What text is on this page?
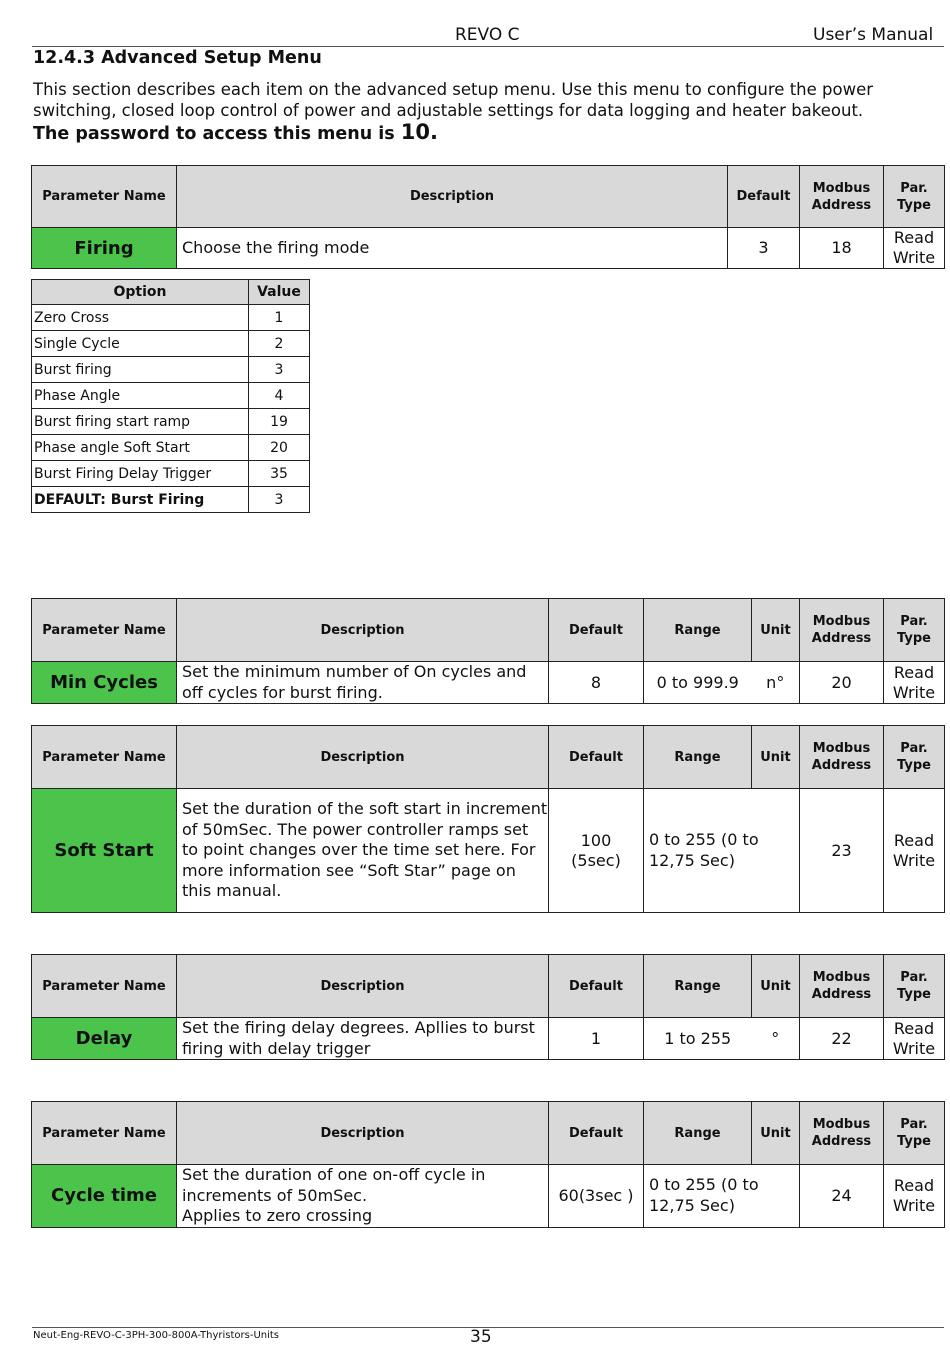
REVO C	User’s Manual
12.4.3 Advanced Setup Menu
This section describes each item on the advanced setup menu. Use this menu to configure the power switching, closed loop control of power and adjustable settings for data logging and heater bakeout.
The password to access this menu is 10.
Parameter Name	Description	Default	Modbus Address	Par. Type
Firing	Choose the firing mode	3	18	Read Write
Option	Value
Zero Cross	1
Single Cycle	2
Burst firing	3
Phase Angle	4
Burst firing start ramp	19
Phase angle Soft Start	20
Burst Firing Delay Trigger	35
DEFAULT: Burst Firing	3
Parameter Name	Description	Default	Range	Unit	Modbus Address	Par. Type
Min Cycles	Set the minimum number of On cycles and off cycles for burst firing.	8	0 to 999.9	n°	20	Read Write
Parameter Name	Description	Default	Range	Unit	Modbus Address	Par. Type
Soft Start	Set the duration of the soft start in increment of 50mSec. The power controller ramps set to point changes over the time set here. For more information see “Soft Star” page on this manual.	100 (5sec)	0 to 255 (0 to 12,75 Sec)		23	Read Write
Parameter Name	Description	Default	Range	Unit	Modbus Address	Par. Type
Delay	Set the firing delay degrees. Apllies to burst firing with delay trigger	1	1 to 255	°	22	Read Write
Parameter Name	Description	Default	Range	Unit	Modbus Address	Par. Type
Cycle time	Set the duration of one on-off cycle in increments of 50mSec.
Applies to zero crossing	60(3sec )	0 to 255 (0 to 12,75 Sec)		24	Read Write
Neut-Eng-REVO-C-3PH-300-800A-Thyristors-Units	35
